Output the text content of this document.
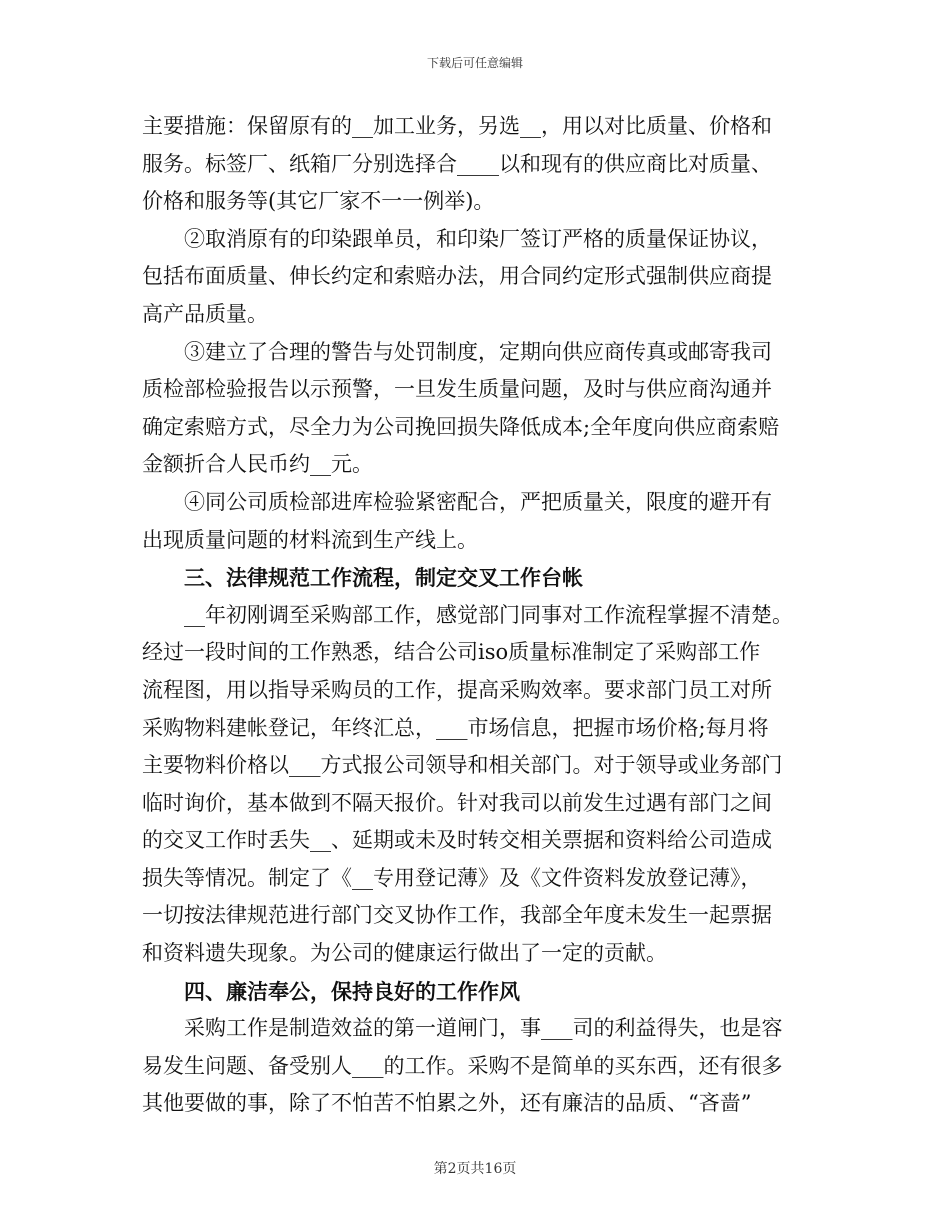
下载后可任意编辑
主要措施：保留原有的__加工业务，另选__，用以对比质量、价格和
服务。标签厂、纸箱厂分别选择合____以和现有的供应商比对质量、
价格和服务等(其它厂家不一一例举)。
②取消原有的印染跟单员，和印染厂签订严格的质量保证协议，
包括布面质量、伸长约定和索赔办法，用合同约定形式强制供应商提
高产品质量。
③建立了合理的警告与处罚制度，定期向供应商传真或邮寄我司
质检部检验报告以示预警，一旦发生质量问题，及时与供应商沟通并
确定索赔方式，尽全力为公司挽回损失降低成本;全年度向供应商索赔
金额折合人民币约__元。
④同公司质检部进库检验紧密配合，严把质量关，限度的避开有
出现质量问题的材料流到生产线上。
三、法律规范工作流程，制定交叉工作台帐
__年初刚调至采购部工作，感觉部门同事对工作流程掌握不清楚。
经过一段时间的工作熟悉，结合公司iso质量标准制定了采购部工作
流程图，用以指导采购员的工作，提高采购效率。要求部门员工对所
采购物料建帐登记，年终汇总，___市场信息，把握市场价格;每月将
主要物料价格以___方式报公司领导和相关部门。对于领导或业务部门
临时询价，基本做到不隔天报价。针对我司以前发生过遇有部门之间
的交叉工作时丢失__、延期或未及时转交相关票据和资料给公司造成
损失等情况。制定了《__专用登记薄》及《文件资料发放登记薄》，
一切按法律规范进行部门交叉协作工作，我部全年度未发生一起票据
和资料遗失现象。为公司的健康运行做出了一定的贡献。
四、廉洁奉公，保持良好的工作作风
采购工作是制造效益的第一道闸门，事___司的利益得失，也是容
易发生问题、备受别人___的工作。采购不是简单的买东西，还有很多
其他要做的事，除了不怕苦不怕累之外，还有廉洁的品质、“吝啬”
第2页共16页
